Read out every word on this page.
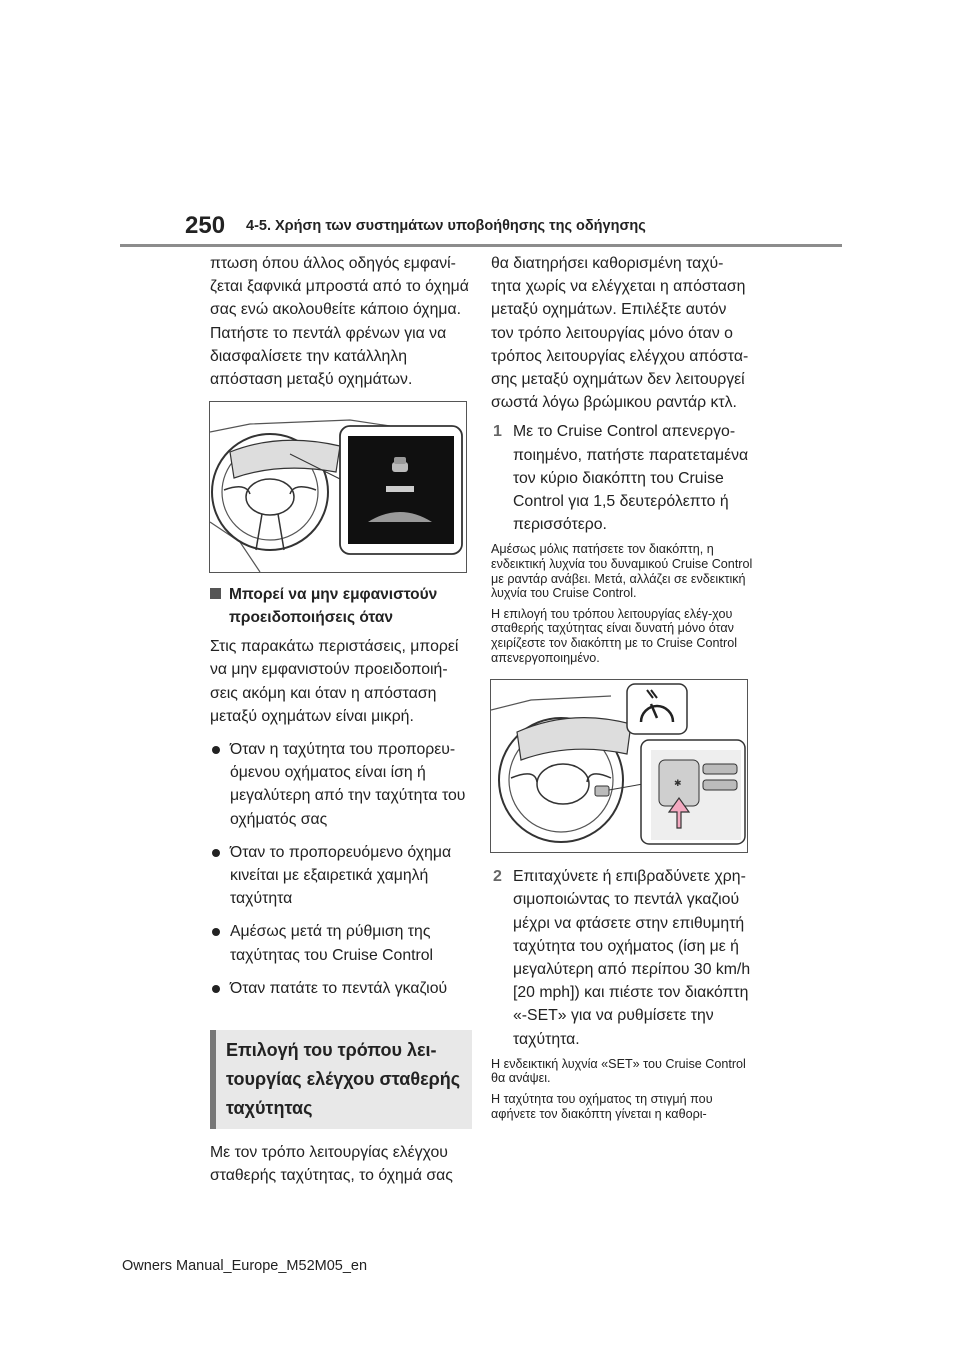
250 4-5. Χρήση των συστημάτων υποβοήθησης της οδήγησης

πτωση όπου άλλος οδηγός εμφανί-ζεται ξαφνικά μπροστά από το όχημά σας ενώ ακολουθείτε κάποιο όχημα. Πατήστε το πεντάλ φρένων για να διασφαλίσετε την κατάλληλη απόσταση μεταξύ οχημάτων.

Μπορεί να μην εμφανιστούν προειδοποιήσεις όταν

Στις παρακάτω περιστάσεις, μπορεί να μην εμφανιστούν προειδοποιή-σεις ακόμη και όταν η απόσταση μεταξύ οχημάτων είναι μικρή.

Όταν η ταχύτητα του προπορευ-όμενου οχήματος είναι ίση ή μεγαλύτερη από την ταχύτητα του οχήματός σας
Όταν το προπορευόμενο όχημα κινείται με εξαιρετικά χαμηλή ταχύτητα
Αμέσως μετά τη ρύθμιση της ταχύτητας του Cruise Control
Όταν πατάτε το πεντάλ γκαζιού
Επιλογή του τρόπου λει-τουργίας ελέγχου σταθερής ταχύτητας

Με τον τρόπο λειτουργίας ελέγχου σταθερής ταχύτητας, το όχημά σας

θα διατηρήσει καθορισμένη ταχύ-τητα χωρίς να ελέγχεται η απόσταση μεταξύ οχημάτων. Επιλέξτε αυτόν τον τρόπο λειτουργίας μόνο όταν ο τρόπος λειτουργίας ελέγχου απόστα-σης μεταξύ οχημάτων δεν λειτουργεί σωστά λόγω βρώμικου ραντάρ κτλ.

1 Με το Cruise Control απενεργο-ποιημένο, πατήστε παρατεταμένα τον κύριο διακόπτη του Cruise Control για 1,5 δευτερόλεπτο ή περισσότερο.

Αμέσως μόλις πατήσετε τον διακόπτη, η ενδεικτική λυχνία του δυναμικού Cruise Control με ραντάρ ανάβει. Μετά, αλλάζει σε ενδεικτική λυχνία του Cruise Control.

Η επιλογή του τρόπου λειτουργίας ελέγ-χου σταθερής ταχύτητας είναι δυνατή μόνο όταν χειρίζεστε τον διακόπτη με το Cruise Control απενεργοποιημένο.

✱
2 Επιταχύνετε ή επιβραδύνετε χρη-σιμοποιώντας το πεντάλ γκαζιού μέχρι να φτάσετε στην επιθυμητή ταχύτητα του οχήματος (ίση με ή μεγαλύτερη από περίπου 30 km/h [20 mph]) και πιέστε τον διακόπτη «-SET» για να ρυθμίσετε την ταχύτητα.

Η ενδεικτική λυχνία «SET» του Cruise Control θα ανάψει.

Η ταχύτητα του οχήματος τη στιγμή που αφήνετε τον διακόπτη γίνεται η καθορι-

Owners Manual_Europe_M52M05_en
